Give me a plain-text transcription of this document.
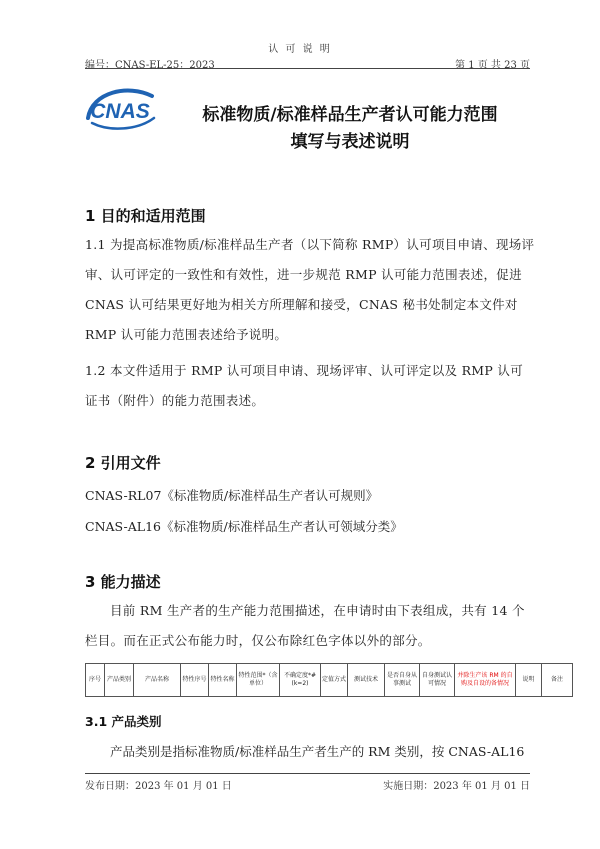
认 可 说 明
编号：CNAS-EL-25：2023	第 1 页 共 23 页
CNAS	标准物质/标准样品生产者认可能力范围
填写与表述说明
1 目的和适用范围
1.1 为提高标准物质/标准样品生产者（以下简称 RMP）认可项目申请、现场评审、认可评定的一致性和有效性，进一步规范 RMP 认可能力范围表述，促进 CNAS 认可结果更好地为相关方所理解和接受，CNAS 秘书处制定本文件对 RMP 认可能力范围表述给予说明。
1.2 本文件适用于 RMP 认可项目申请、现场评审、认可评定以及 RMP 认可证书（附件）的能力范围表述。
2 引用文件
CNAS-RL07《标准物质/标准样品生产者认可规则》
CNAS-AL16《标准物质/标准样品生产者认可领域分类》
3 能力描述
目前 RM 生产者的生产能力范围描述，在申请时由下表组成，共有 14 个栏目。而在正式公布能力时，仅公布除红色字体以外的部分。
序号	产品类别	产品名称	特性序号	特性名称	特性范围*（含单位）	不确定度*#(k=2)	定值方式	测试技术	是否自身从事测试	自身测试认可情况	并除生产该 RM 的自购及自设的备情况	说明	备注
3.1 产品类别
产品类别是指标准物质/标准样品生产者生产的 RM 类别，按 CNAS-AL16
发布日期：2023 年 01 月 01 日	实施日期：2023 年 01 月 01 日
